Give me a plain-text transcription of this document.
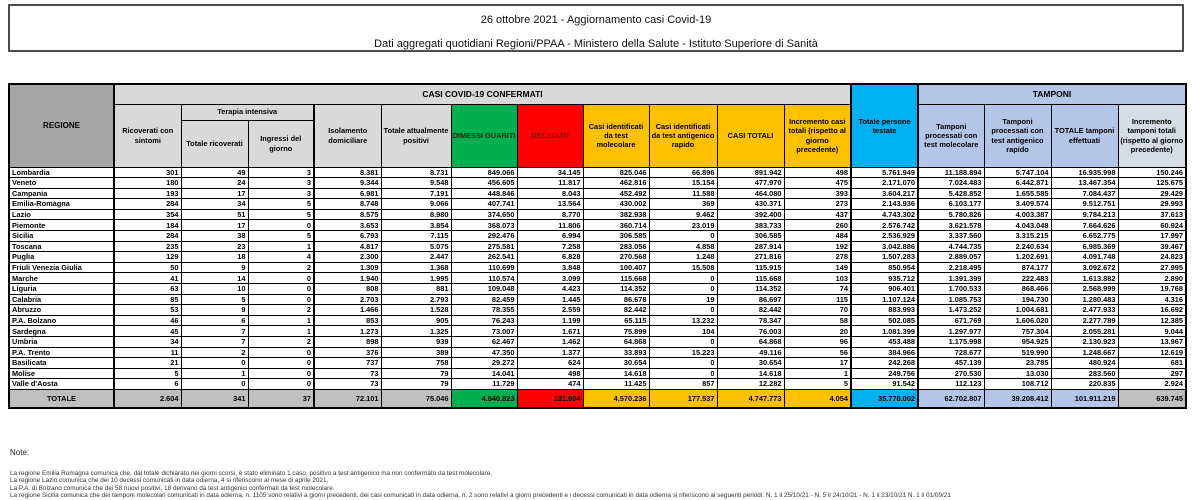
26 ottobre 2021 - Aggiornamento casi Covid-19
Dati aggregati quotidiani Regioni/PPAA - Ministero della Salute - Istituto Superiore di Sanità
REGIONE	CASI COVID-19 CONFERMATI											Totale persone testate	TAMPONI			
	Ricoverati con sintomi	Terapia intensiva		Isolamento domiciliare	Totale attualmente positivi	DIMESSI GUARITI	DECEDUTI	Casi identificati da test molecolare	Casi identificati da test antigenico rapido	CASI TOTALI	Incremento casi totali (rispetto al giorno precedente)		Tamponi processati con test molecolare	Tamponi processati con test antigenico rapido	TOTALE tamponi effettuati	Incremento tamponi totali (rispetto al giorno precedente)
		Totale ricoverati	Ingressi del giorno													
Lombardia	301	49	3	8.381	8.731	849.066	34.145	825.046	66.896	891.942	498	5.761.949	11.188.894	5.747.104	16.935.998	150.246
Veneto	180	24	3	9.344	9.548	456.605	11.817	462.816	15.154	477.970	475	2.171.070	7.024.483	6.442.871	13.467.354	125.675
Campania	193	17	3	6.981	7.191	448.846	8.043	452.492	11.588	464.080	393	3.604.217	5.428.852	1.655.585	7.084.437	29.429
Emilia-Romagna	284	34	5	8.748	9.066	407.741	13.564	430.002	369	430.371	273	2.143.936	6.103.177	3.409.574	9.512.751	29.993
Lazio	354	51	5	8.575	8.980	374.650	8.770	382.938	9.462	392.400	437	4.743.302	5.780.826	4.003.387	9.784.213	37.613
Piemonte	184	17	0	3.653	3.854	368.073	11.806	360.714	23.019	383.733	260	2.576.742	3.621.578	4.043.048	7.664.626	60.924
Sicilia	284	38	5	6.793	7.115	292.476	6.994	306.585	0	306.585	484	2.536.929	3.337.560	3.315.215	6.652.775	17.997
Toscana	235	23	1	4.817	5.075	275.581	7.258	283.056	4.858	287.914	192	3.042.886	4.744.735	2.240.634	6.985.369	39.467
Puglia	129	18	4	2.300	2.447	262.541	6.828	270.568	1.248	271.816	278	1.507.283	2.889.057	1.202.691	4.091.748	24.823
Friuli Venezia Giulia	50	9	2	1.309	1.368	110.699	3.848	100.407	15.508	115.915	149	850.954	2.218.495	874.177	3.092.672	27.995
Marche	41	14	0	1.940	1.995	110.574	3.099	115.668	0	115.668	103	935.712	1.391.399	222.483	1.613.882	2.890
Liguria	63	10	0	808	881	109.048	4.423	114.352	0	114.352	74	906.401	1.700.533	868.466	2.568.999	19.768
Calabria	85	5	0	2.703	2.793	82.459	1.445	86.678	19	86.697	115	1.107.124	1.085.753	194.730	1.280.483	4.316
Abruzzo	53	9	2	1.466	1.528	78.355	2.559	82.442	0	82.442	70	883.993	1.473.252	1.004.681	2.477.933	16.692
P.A. Bolzano	46	6	1	853	905	76.243	1.199	65.115	13.232	78.347	58	502.085	671.769	1.606.020	2.277.789	12.385
Sardegna	45	7	1	1.273	1.325	73.007	1.671	75.899	104	76.003	20	1.081.399	1.297.977	757.304	2.055.281	9.044
Umbria	34	7	2	898	939	62.467	1.462	64.868	0	64.868	96	453.488	1.175.998	954.925	2.130.923	13.967
P.A. Trento	11	2	0	376	389	47.350	1.377	33.893	15.223	49.116	56	384.966	728.677	519.990	1.248.667	12.619
Basilicata	21	0	0	737	758	29.272	624	30.654	0	30.654	17	242.268	457.139	23.785	480.924	681
Molise	5	1	0	73	79	14.041	498	14.618	0	14.618	1	249.756	270.530	13.030	283.560	297
Valle d'Aosta	6	0	0	73	79	11.729	474	11.425	857	12.282	5	91.542	112.123	108.712	220.835	2.924
TOTALE	2.604	341	37	72.101	75.046	4.540.823	131.904	4.570.236	177.537	4.747.773	4.054	35.778.002	62.702.807	39.208.412	101.911.219	639.745
Note:
La regione Emilia Romagna comunica che, dal totale dichiarato nei giorni scorsi, è stato eliminato 1 caso, positivo a test antigenico ma non confermato da test molecolare.
La regione Lazio comunica che dei 10 decessi comunicati in data odierna, 4 si riferiscono al mese di aprile 2021.
La P.A. di Bolzano comunica che dei 58 nuovi positivi, 18 derivano da test antigenici confermati da test molecolare.
La regione Sicilia comunica che dei tamponi molecolari comunicati in data odierna, n. 1105 sono relativi a giorni precedenti, dei casi comunicati in data odierna, n. 2 sono relativi a giorni precedenti e i decessi comunicati in data odierna si riferiscono ai seguenti periodi: N. 1 il 25/10/21 - N. 5 il 24/10/21 - N. 1 il 23/10/21 N. 1 il 01/09/21
